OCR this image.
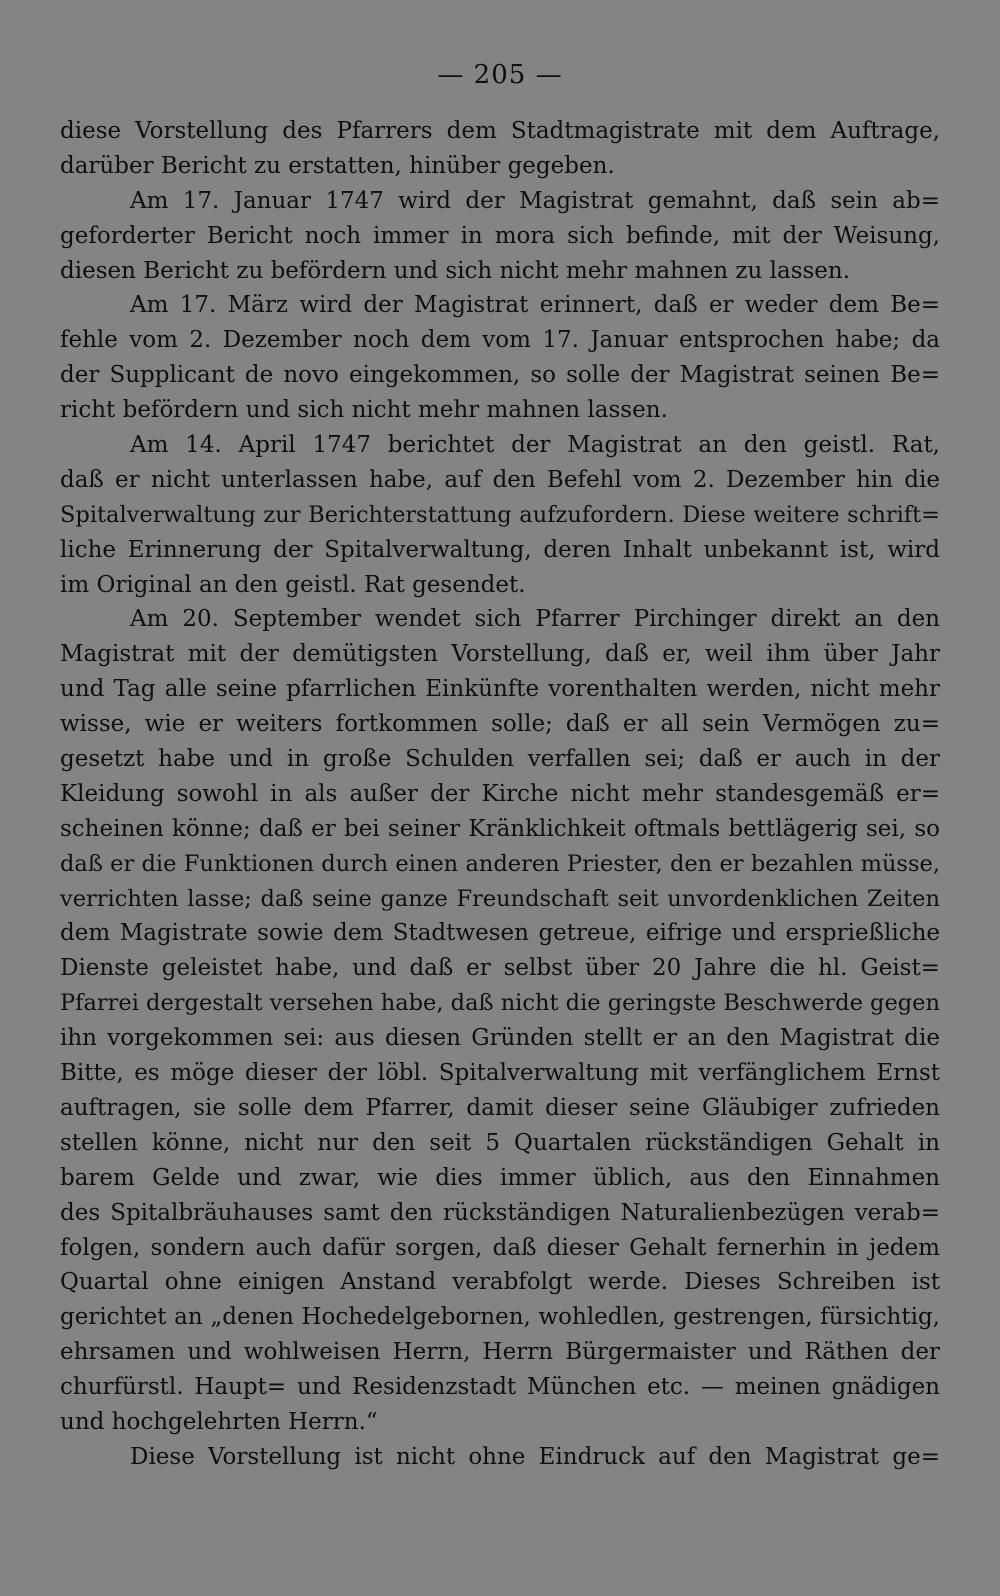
— 205 —
diese Vorstellung des Pfarrers dem Stadtmagistrate mit dem Auftrage,
darüber Bericht zu erstatten, hinüber gegeben.
Am 17. Januar 1747 wird der Magistrat gemahnt, daß sein ab=
geforderter Bericht noch immer in mora sich befinde, mit der Weisung,
diesen Bericht zu befördern und sich nicht mehr mahnen zu lassen.
Am 17. März wird der Magistrat erinnert, daß er weder dem Be=
fehle vom 2. Dezember noch dem vom 17. Januar entsprochen habe; da
der Supplicant de novo eingekommen, so solle der Magistrat seinen Be=
richt befördern und sich nicht mehr mahnen lassen.
Am 14. April 1747 berichtet der Magistrat an den geistl. Rat,
daß er nicht unterlassen habe, auf den Befehl vom 2. Dezember hin die
Spitalverwaltung zur Berichterstattung aufzufordern. Diese weitere schrift=
liche Erinnerung der Spitalverwaltung, deren Inhalt unbekannt ist, wird
im Original an den geistl. Rat gesendet.
Am 20. September wendet sich Pfarrer Pirchinger direkt an den
Magistrat mit der demütigsten Vorstellung, daß er, weil ihm über Jahr
und Tag alle seine pfarrlichen Einkünfte vorenthalten werden, nicht mehr
wisse, wie er weiters fortkommen solle; daß er all sein Vermögen zu=
gesetzt habe und in große Schulden verfallen sei; daß er auch in der
Kleidung sowohl in als außer der Kirche nicht mehr standesgemäß er=
scheinen könne; daß er bei seiner Kränklichkeit oftmals bettlägerig sei, so
daß er die Funktionen durch einen anderen Priester, den er bezahlen müsse,
verrichten lasse; daß seine ganze Freundschaft seit unvordenklichen Zeiten
dem Magistrate sowie dem Stadtwesen getreue, eifrige und ersprießliche
Dienste geleistet habe, und daß er selbst über 20 Jahre die hl. Geist=
Pfarrei dergestalt versehen habe, daß nicht die geringste Beschwerde gegen
ihn vorgekommen sei: aus diesen Gründen stellt er an den Magistrat die
Bitte, es möge dieser der löbl. Spitalverwaltung mit verfänglichem Ernst
auftragen, sie solle dem Pfarrer, damit dieser seine Gläubiger zufrieden
stellen könne, nicht nur den seit 5 Quartalen rückständigen Gehalt in
barem Gelde und zwar, wie dies immer üblich, aus den Einnahmen
des Spitalbräuhauses samt den rückständigen Naturalienbezügen verab=
folgen, sondern auch dafür sorgen, daß dieser Gehalt fernerhin in jedem
Quartal ohne einigen Anstand verabfolgt werde. Dieses Schreiben ist
gerichtet an „denen Hochedelgebornen, wohledlen, gestrengen, fürsichtig,
ehrsamen und wohlweisen Herrn, Herrn Bürgermaister und Räthen der
churfürstl. Haupt= und Residenzstadt München etc. — meinen gnädigen
und hochgelehrten Herrn.“
Diese Vorstellung ist nicht ohne Eindruck auf den Magistrat ge=
